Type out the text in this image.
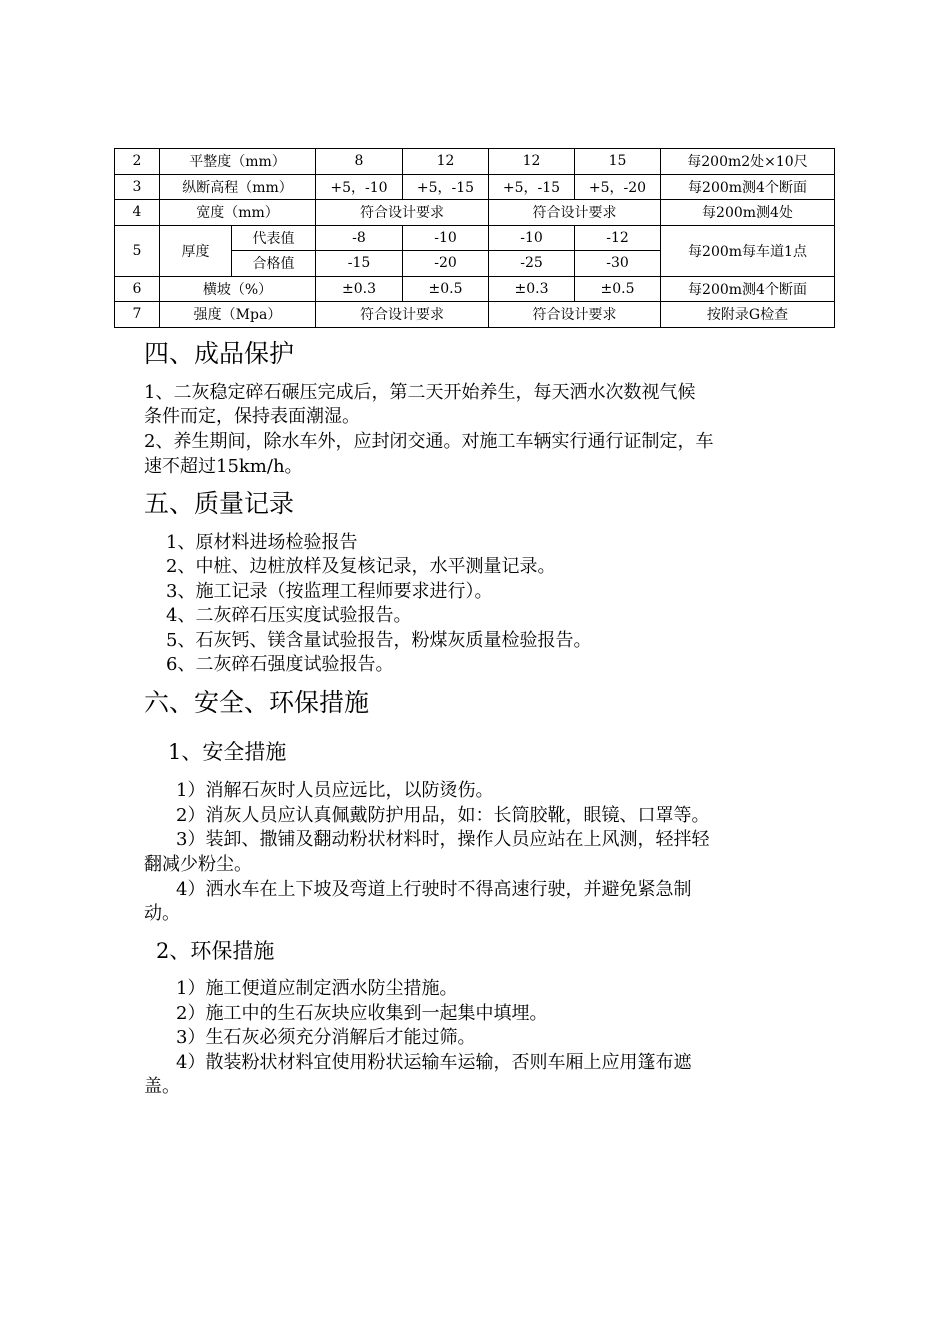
2	平整度（mm）		8	12	12	15	每200m2处×10尺
3	纵断高程（mm）		+5，-10	+5，-15	+5，-15	+5，-20	每200m测4个断面
4	宽度（mm）		符合设计要求		符合设计要求		每200m测4处
5	厚度	代表值	-8	-10	-10	-12	每200m每车道1点
		合格值	-15	-20	-25	-30	
6	横坡（%）		±0.3	±0.5	±0.3	±0.5	每200m测4个断面
7	强度（Mpa）		符合设计要求		符合设计要求		按附录G检查
四、成品保护
1、二灰稳定碎石碾压完成后，第二天开始养生，每天洒水次数视气候
条件而定，保持表面潮湿。
2、养生期间，除水车外，应封闭交通。对施工车辆实行通行证制定，车
速不超过15km/h。
五、质量记录
1、原材料进场检验报告
2、中桩、边桩放样及复核记录，水平测量记录。
3、施工记录（按监理工程师要求进行）。
4、二灰碎石压实度试验报告。
5、石灰钙、镁含量试验报告，粉煤灰质量检验报告。
6、二灰碎石强度试验报告。
六、安全、环保措施
1、安全措施
1）消解石灰时人员应远比，以防烫伤。
2）消灰人员应认真佩戴防护用品，如：长筒胶靴，眼镜、口罩等。
3）装卸、撒铺及翻动粉状材料时，操作人员应站在上风测，轻拌轻
翻减少粉尘。
4）洒水车在上下坡及弯道上行驶时不得高速行驶，并避免紧急制
动。
2、环保措施
1）施工便道应制定洒水防尘措施。
2）施工中的生石灰块应收集到一起集中填埋。
3）生石灰必须充分消解后才能过筛。
4）散装粉状材料宜使用粉状运输车运输，否则车厢上应用篷布遮
盖。
